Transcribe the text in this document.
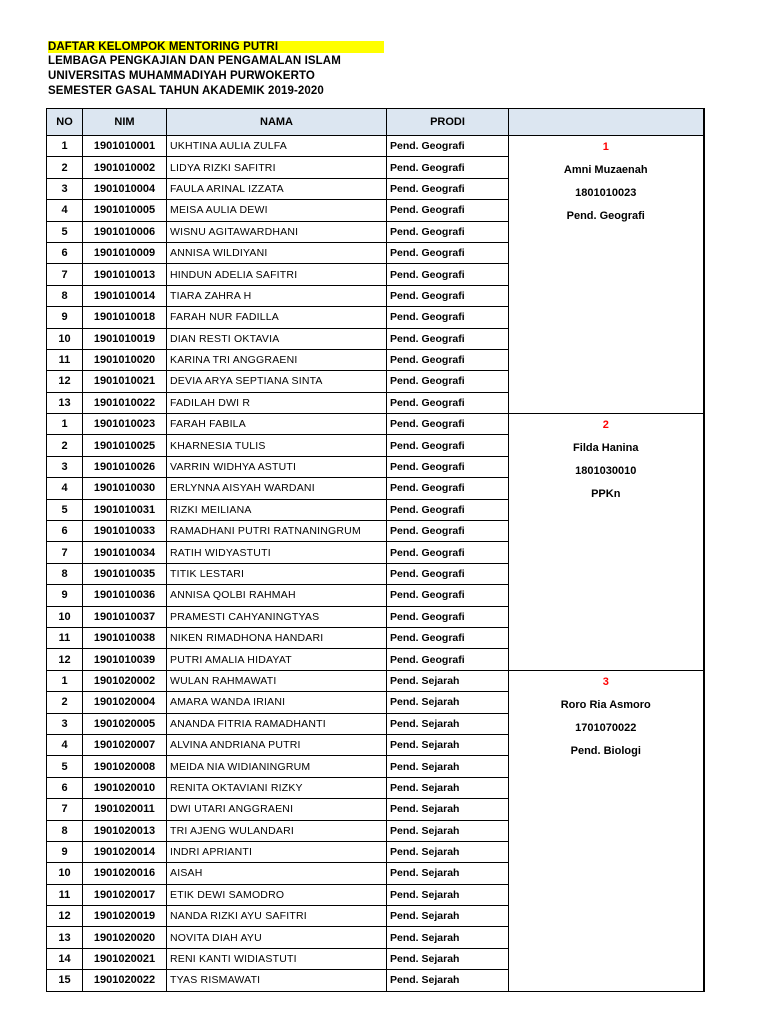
DAFTAR KELOMPOK MENTORING PUTRI
LEMBAGA PENGKAJIAN DAN PENGAMALAN ISLAM
UNIVERSITAS MUHAMMADIYAH PURWOKERTO
SEMESTER GASAL TAHUN AKADEMIK 2019-2020
NO	NIM	NAMA	PRODI	
1	1901010001	UKHTINA AULIA ZULFA	Pend. Geografi	1
Amni Muzaenah
1801010023
Pend. Geografi

2	1901010002	LIDYA RIZKI SAFITRI	Pend. Geografi	
3	1901010004	FAULA ARINAL IZZATA	Pend. Geografi	
4	1901010005	MEISA AULIA DEWI	Pend. Geografi	
5	1901010006	WISNU AGITAWARDHANI	Pend. Geografi	
6	1901010009	ANNISA WILDIYANI	Pend. Geografi	
7	1901010013	HINDUN ADELIA SAFITRI	Pend. Geografi	
8	1901010014	TIARA ZAHRA H	Pend. Geografi	
9	1901010018	FARAH NUR FADILLA	Pend. Geografi	
10	1901010019	DIAN RESTI OKTAVIA	Pend. Geografi	
11	1901010020	KARINA TRI ANGGRAENI	Pend. Geografi	
12	1901010021	DEVIA ARYA SEPTIANA SINTA	Pend. Geografi	
13	1901010022	FADILAH DWI R	Pend. Geografi	
1	1901010023	FARAH FABILA	Pend. Geografi	2
Filda Hanina
1801030010
PPKn

2	1901010025	KHARNESIA TULIS	Pend. Geografi	
3	1901010026	VARRIN WIDHYA ASTUTI	Pend. Geografi	
4	1901010030	ERLYNNA AISYAH WARDANI	Pend. Geografi	
5	1901010031	RIZKI MEILIANA	Pend. Geografi	
6	1901010033	RAMADHANI PUTRI RATNANINGRUM	Pend. Geografi	
7	1901010034	RATIH WIDYASTUTI	Pend. Geografi	
8	1901010035	TITIK LESTARI	Pend. Geografi	
9	1901010036	ANNISA QOLBI RAHMAH	Pend. Geografi	
10	1901010037	PRAMESTI CAHYANINGTYAS	Pend. Geografi	
11	1901010038	NIKEN RIMADHONA HANDARI	Pend. Geografi	
12	1901010039	PUTRI AMALIA HIDAYAT	Pend. Geografi	
1	1901020002	WULAN RAHMAWATI	Pend. Sejarah	3
Roro Ria Asmoro
1701070022
Pend. Biologi

2	1901020004	AMARA WANDA IRIANI	Pend. Sejarah	
3	1901020005	ANANDA FITRIA RAMADHANTI	Pend. Sejarah	
4	1901020007	ALVINA ANDRIANA PUTRI	Pend. Sejarah	
5	1901020008	MEIDA NIA WIDIANINGRUM	Pend. Sejarah	
6	1901020010	RENITA OKTAVIANI RIZKY	Pend. Sejarah	
7	1901020011	DWI UTARI ANGGRAENI	Pend. Sejarah	
8	1901020013	TRI AJENG WULANDARI	Pend. Sejarah	
9	1901020014	INDRI APRIANTI	Pend. Sejarah	
10	1901020016	AISAH	Pend. Sejarah	
11	1901020017	ETIK DEWI SAMODRO	Pend. Sejarah	
12	1901020019	NANDA RIZKI AYU SAFITRI	Pend. Sejarah	
13	1901020020	NOVITA DIAH AYU	Pend. Sejarah	
14	1901020021	RENI KANTI WIDIASTUTI	Pend. Sejarah	
15	1901020022	TYAS RISMAWATI	Pend. Sejarah	
